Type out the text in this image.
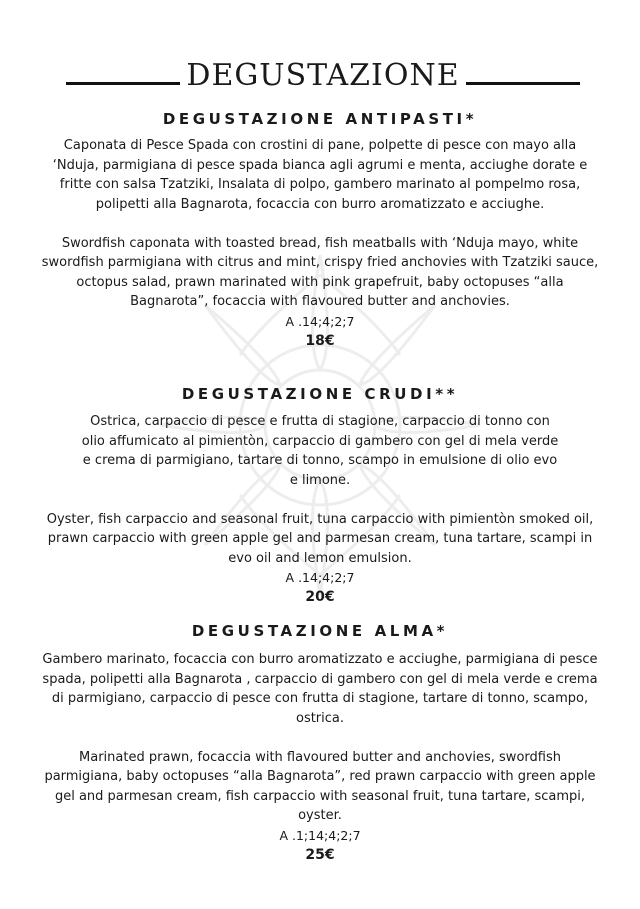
DEGUSTAZIONE

DEGUSTAZIONE ANTIPASTI*

Caponata di Pesce Spada con crostini di pane, polpette di pesce con mayo alla ‘Nduja, parmigiana di pesce spada bianca agli agrumi e menta, acciughe dorate e fritte con salsa Tzatziki, Insalata di polpo, gambero marinato al pompelmo rosa, polipetti alla Bagnarota, focaccia con burro aromatizzato e acciughe.

Swordfish caponata with toasted bread, fish meatballs with ‘Nduja mayo, white swordfish parmigiana with citrus and mint, crispy fried anchovies with Tzatziki sauce, octopus salad, prawn marinated with pink grapefruit, baby octopuses “alla Bagnarota”, focaccia with flavoured butter and anchovies.

A .14;4;2;7

18€

DEGUSTAZIONE CRUDI**

Ostrica, carpaccio di pesce e frutta di stagione, carpaccio di tonno con olio affumicato al pimientòn, carpaccio di gambero con gel di mela verde e crema di parmigiano, tartare di tonno, scampo in emulsione di olio evo e limone.

Oyster, fish carpaccio and seasonal fruit, tuna carpaccio with pimientòn smoked oil, prawn carpaccio with green apple gel and parmesan cream, tuna tartare, scampi in evo oil and lemon emulsion.

A .14;4;2;7

20€

DEGUSTAZIONE ALMA*

Gambero marinato, focaccia con burro aromatizzato e acciughe, parmigiana di pesce spada, polipetti alla Bagnarota , carpaccio di gambero con gel di mela verde e crema di parmigiano, carpaccio di pesce con frutta di stagione, tartare di tonno, scampo, ostrica.

Marinated prawn, focaccia with flavoured butter and anchovies, swordfish parmigiana, baby octopuses “alla Bagnarota”, red prawn carpaccio with green apple gel and parmesan cream, fish carpaccio with seasonal fruit, tuna tartare, scampi, oyster.

A .1;14;4;2;7

25€
